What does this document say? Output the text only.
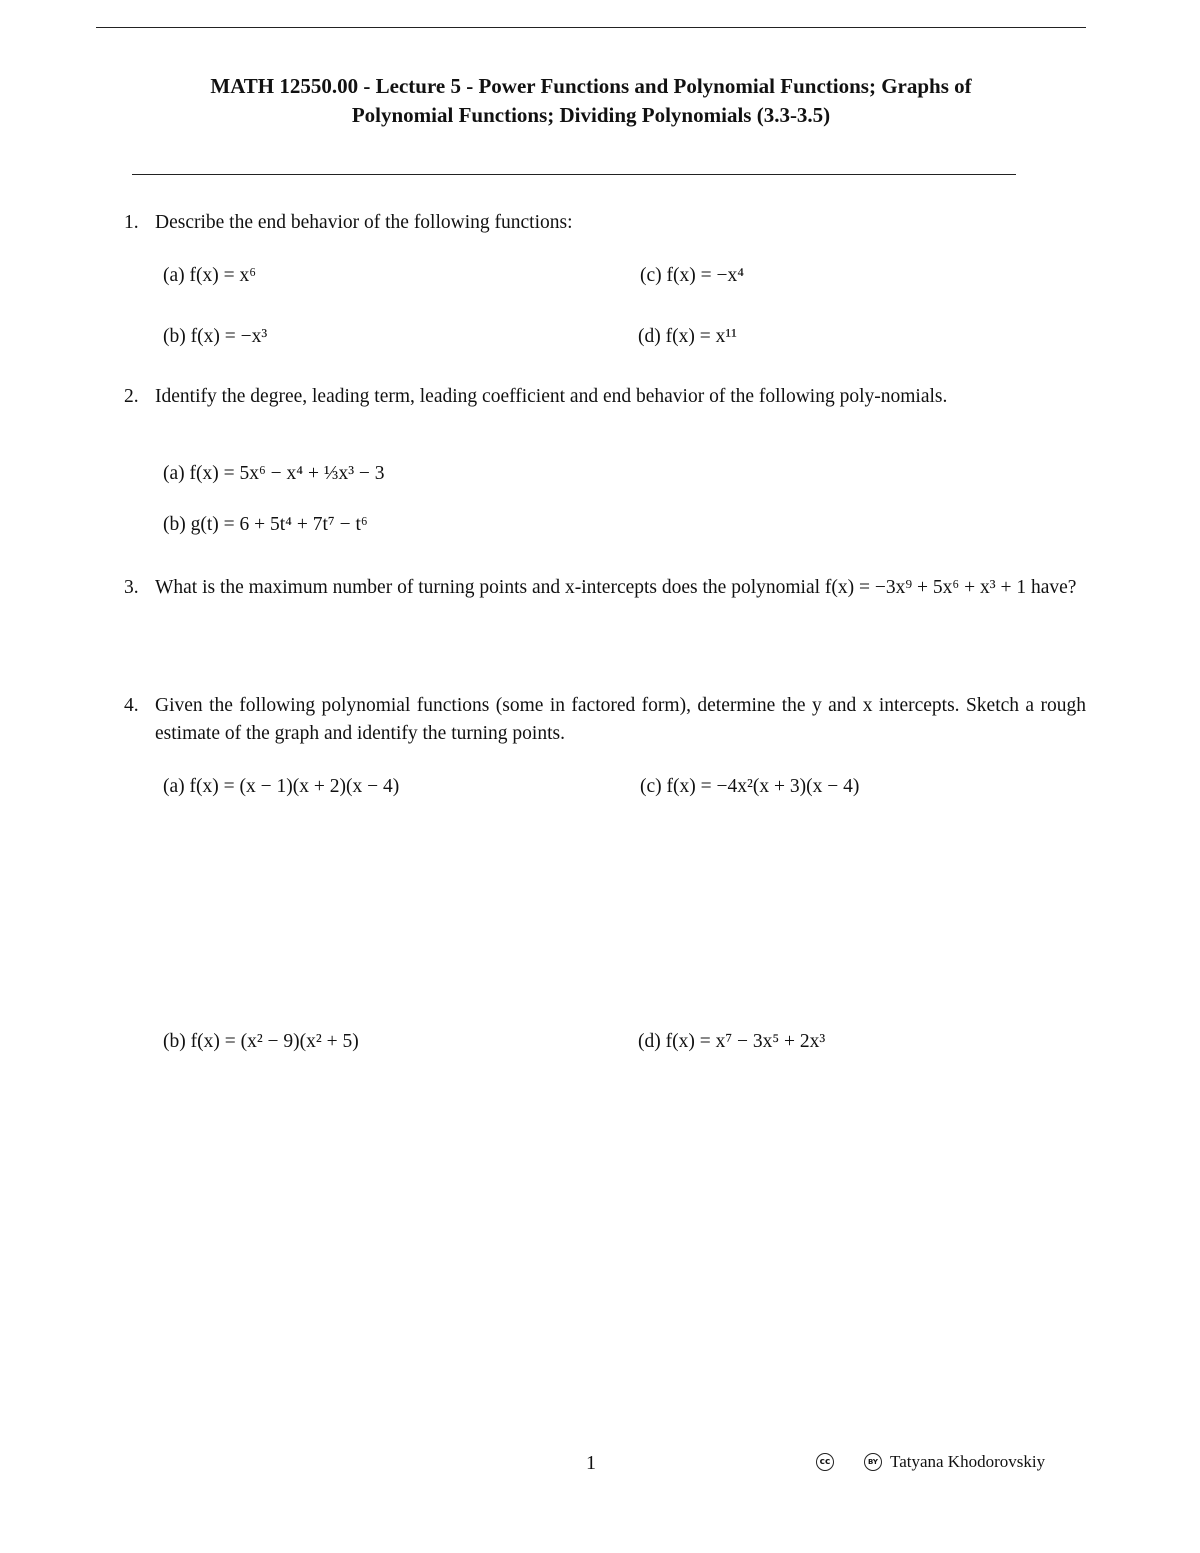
MATH 12550.00 - Lecture 5 - Power Functions and Polynomial Functions; Graphs of
Polynomial Functions; Dividing Polynomials (3.3-3.5)
1. Describe the end behavior of the following functions:
(a) f(x) = x⁶	(c) f(x) = −x⁴
(b) f(x) = −x³	(d) f(x) = x¹¹
2. Identify the degree, leading term, leading coefficient and end behavior of the following poly-nomials.
(a) f(x) = 5x⁶ − x⁴ + ⅓x³ − 3
(b) g(t) = 6 + 5t⁴ + 7t⁷ − t⁶
3. What is the maximum number of turning points and x-intercepts does the polynomial f(x) = −3x⁹ + 5x⁶ + x³ + 1 have?
4. Given the following polynomial functions (some in factored form), determine the y and x intercepts. Sketch a rough estimate of the graph and identify the turning points.
(a) f(x) = (x − 1)(x + 2)(x − 4)	(c) f(x) = −4x²(x + 3)(x − 4)
(b) f(x) = (x² − 9)(x² + 5)	(d) f(x) = x⁷ − 3x⁵ + 2x³
1	cc	BY Tatyana Khodorovskiy
